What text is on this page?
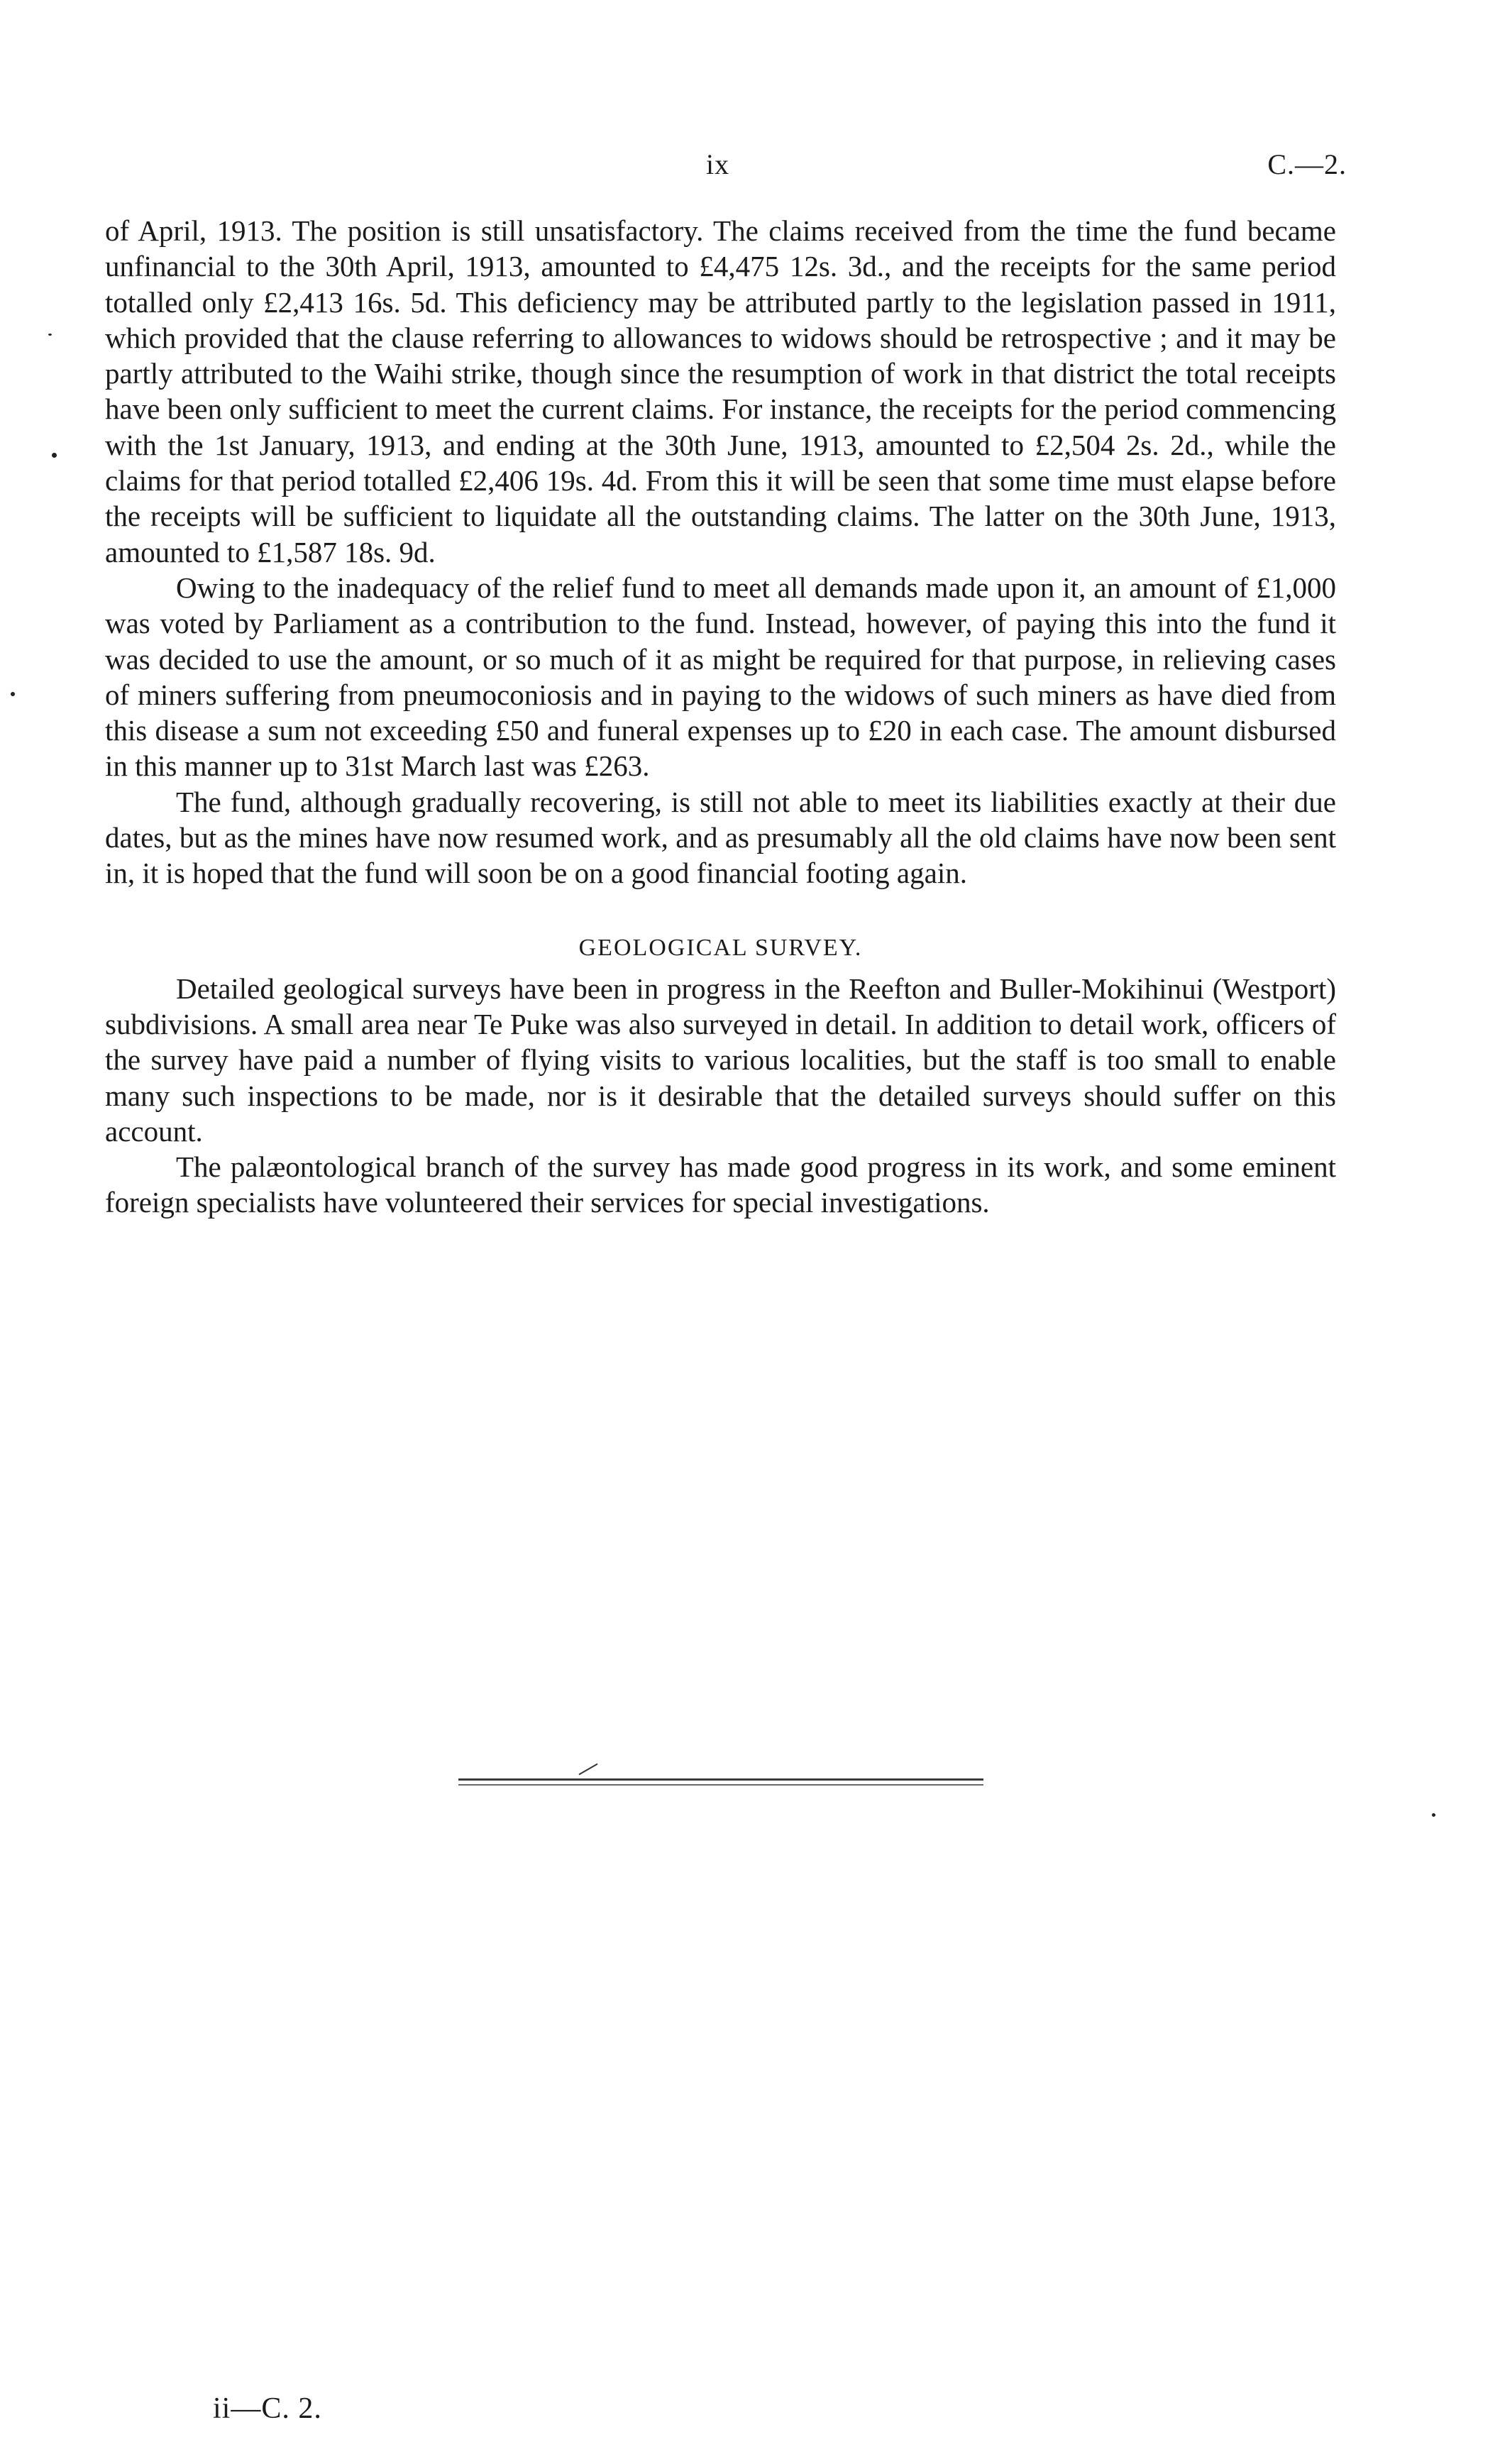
ix	C.—2.

of April, 1913. The position is still unsatisfactory. The claims received from the time the fund became unfinancial to the 30th April, 1913, amounted to £4,475 12s. 3d., and the receipts for the same period totalled only £2,413 16s. 5d. This deficiency may be attributed partly to the legislation passed in 1911, which provided that the clause referring to allowances to widows should be retrospective ; and it may be partly attributed to the Waihi strike, though since the resumption of work in that district the total receipts have been only sufficient to meet the current claims. For instance, the receipts for the period commencing with the 1st January, 1913, and ending at the 30th June, 1913, amounted to £2,504 2s. 2d., while the claims for that period totalled £2,406 19s. 4d. From this it will be seen that some time must elapse before the receipts will be sufficient to liquidate all the outstanding claims. The latter on the 30th June, 1913, amounted to £1,587 18s. 9d.

Owing to the inadequacy of the relief fund to meet all demands made upon it, an amount of £1,000 was voted by Parliament as a contribution to the fund. Instead, however, of paying this into the fund it was decided to use the amount, or so much of it as might be required for that purpose, in relieving cases of miners suffering from pneumoconiosis and in paying to the widows of such miners as have died from this disease a sum not exceeding £50 and funeral expenses up to £20 in each case. The amount disbursed in this manner up to 31st March last was £263.

The fund, although gradually recovering, is still not able to meet its liabilities exactly at their due dates, but as the mines have now resumed work, and as presumably all the old claims have now been sent in, it is hoped that the fund will soon be on a good financial footing again.

GEOLOGICAL SURVEY.

Detailed geological surveys have been in progress in the Reefton and Buller-Mokihinui (Westport) subdivisions. A small area near Te Puke was also surveyed in detail. In addition to detail work, officers of the survey have paid a number of flying visits to various localities, but the staff is too small to enable many such inspections to be made, nor is it desirable that the detailed surveys should suffer on this account.

The palæontological branch of the survey has made good progress in its work, and some eminent foreign specialists have volunteered their services for special investigations.

ii—C. 2.
